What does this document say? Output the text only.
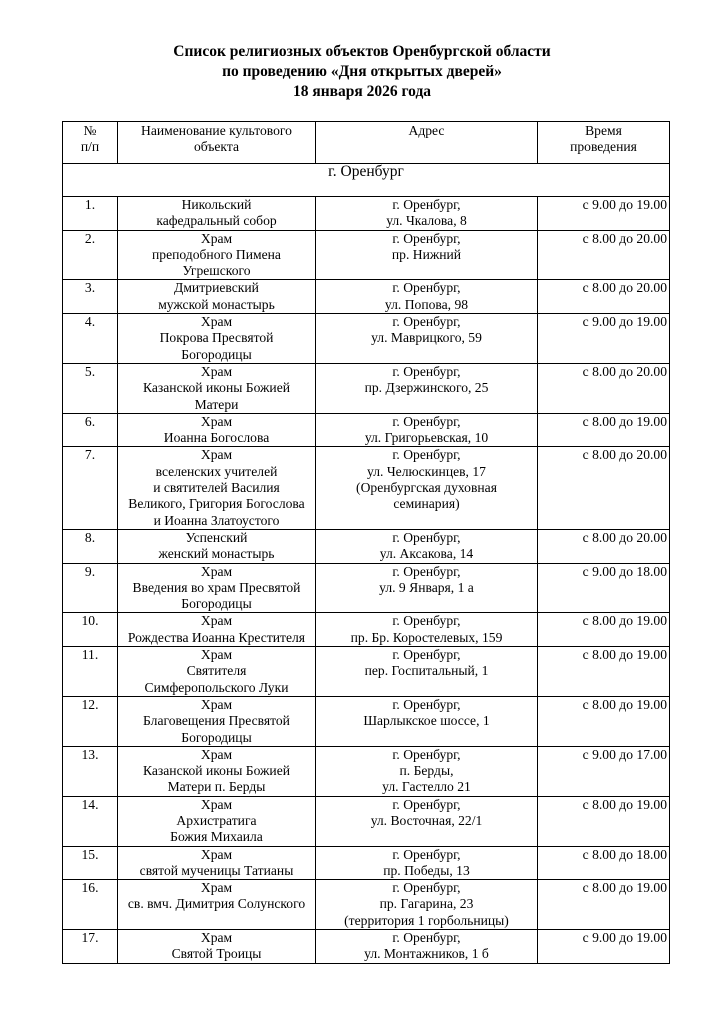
Список религиозных объектов Оренбургской области
по проведению «Дня открытых дверей»
18 января 2026 года
№
п/п	Наименование культового
объекта	Адрес	Время
проведения

г. Оренбург			
1.	Никольский
кафедральный собор	г. Оренбург,
ул. Чкалова, 8	с 9.00 до 19.00
2.	Храм
преподобного Пимена
Угрешского	г. Оренбург,
пр. Нижний	с 8.00 до 20.00
3.	Дмитриевский
мужской монастырь	г. Оренбург,
ул. Попова, 98	с 8.00 до 20.00
4.	Храм
Покрова Пресвятой
Богородицы	г. Оренбург,
ул. Маврицкого, 59	с 9.00 до 19.00
5.	Храм
Казанской иконы Божией
Матери	г. Оренбург,
пр. Дзержинского, 25	с 8.00 до 20.00
6.	Храм
Иоанна Богослова	г. Оренбург,
ул. Григорьевская, 10	с 8.00 до 19.00
7.	Храм
вселенских учителей
и святителей Василия
Великого, Григория Богослова
и Иоанна Златоустого	г. Оренбург,
ул. Челюскинцев, 17
(Оренбургская духовная
семинария)	с 8.00 до 20.00
8.	Успенский
женский монастырь	г. Оренбург,
ул. Аксакова, 14	с 8.00 до 20.00
9.	Храм
Введения во храм Пресвятой
Богородицы	г. Оренбург,
ул. 9 Января, 1 а	с 9.00 до 18.00
10.	Храм
Рождества Иоанна Крестителя	г. Оренбург,
пр. Бр. Коростелевых, 159	с 8.00 до 19.00
11.	Храм
Святителя
Симферопольского Луки	г. Оренбург,
пер. Госпитальный, 1	с 8.00 до 19.00
12.	Храм
Благовещения Пресвятой
Богородицы	г. Оренбург,
Шарлыкское шоссе, 1	с 8.00 до 19.00
13.	Храм
Казанской иконы Божией
Матери п. Берды	г. Оренбург,
п. Берды,
ул. Гастелло 21	с 9.00 до 17.00
14.	Храм
Архистратига
Божия Михаила	г. Оренбург,
ул. Восточная, 22/1	с 8.00 до 19.00
15.	Храм
святой мученицы Татианы	г. Оренбург,
пр. Победы, 13	с 8.00 до 18.00
16.	Храм
св. вмч. Димитрия Солунского	г. Оренбург,
пр. Гагарина, 23
(территория 1 горбольницы)	с 8.00 до 19.00
17.	Храм
Святой Троицы	г. Оренбург,
ул. Монтажников, 1 б	с 9.00 до 19.00
